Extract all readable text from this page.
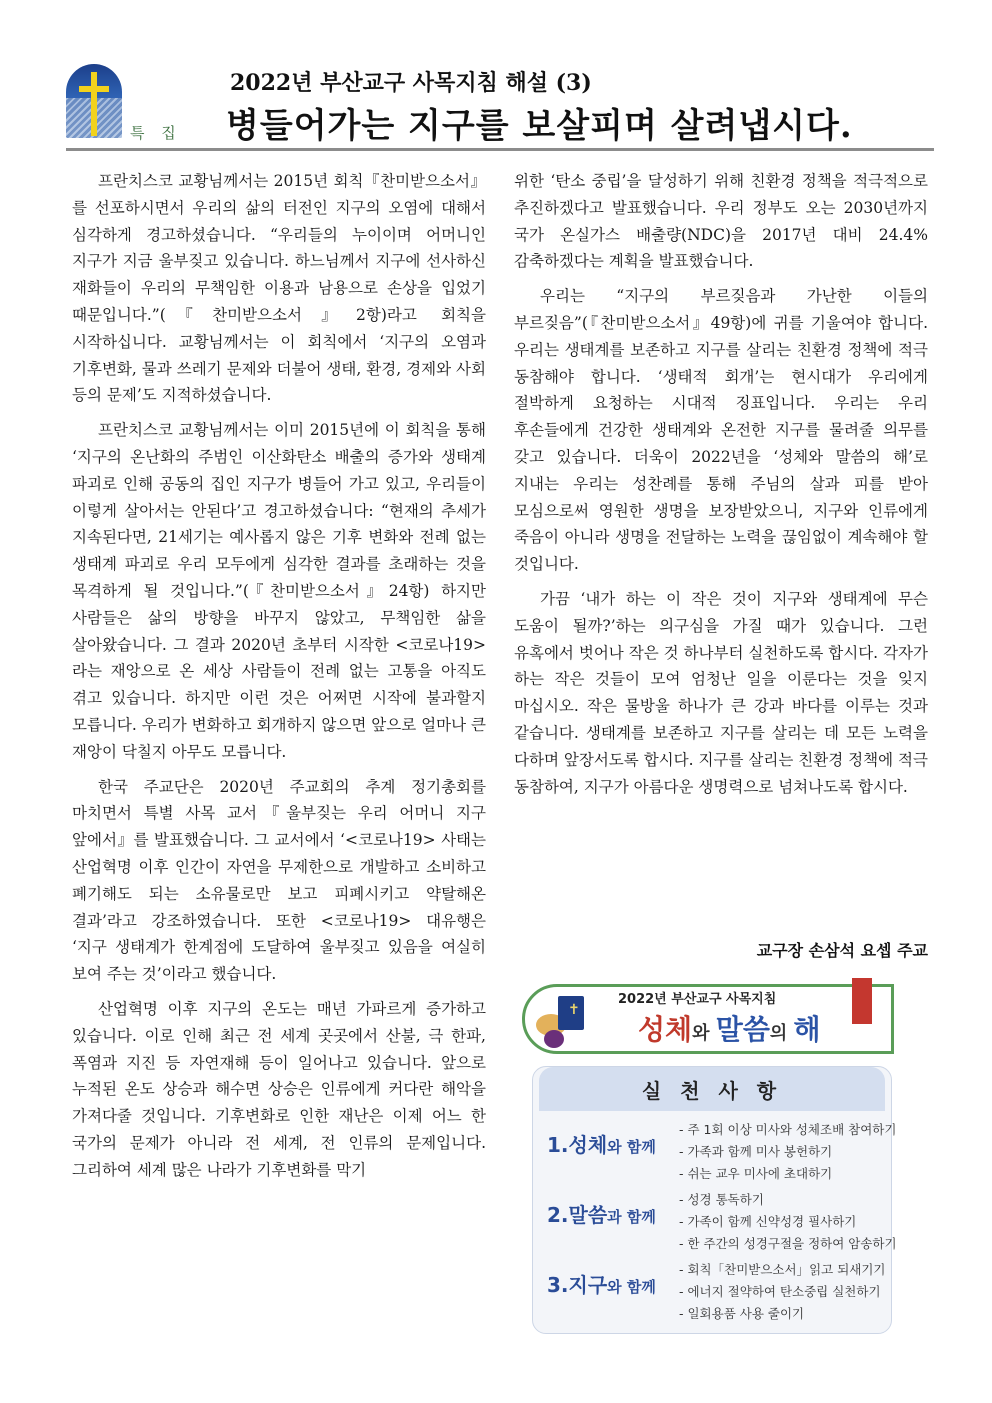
특 집
2022년 부산교구 사목지침 해설 (3)
병들어가는 지구를 보살피며 살려냅시다.

프란치스코 교황님께서는 2015년 회칙『찬미받으소서』를 선포하시면서 우리의 삶의 터전인 지구의 오염에 대해서 심각하게 경고하셨습니다. “우리들의 누이이며 어머니인 지구가 지금 울부짖고 있습니다. 하느님께서 지구에 선사하신 재화들이 우리의 무책임한 이용과 남용으로 손상을 입었기 때문입니다.”(『찬미받으소서』2항)라고 회칙을 시작하십니다. 교황님께서는 이 회칙에서 ‘지구의 오염과 기후변화, 물과 쓰레기 문제와 더불어 생태, 환경, 경제와 사회 등의 문제’도 지적하셨습니다.

프란치스코 교황님께서는 이미 2015년에 이 회칙을 통해 ‘지구의 온난화의 주범인 이산화탄소 배출의 증가와 생태계 파괴로 인해 공동의 집인 지구가 병들어 가고 있고, 우리들이 이렇게 살아서는 안된다’고 경고하셨습니다: “현재의 추세가 지속된다면, 21세기는 예사롭지 않은 기후 변화와 전례 없는 생태계 파괴로 우리 모두에게 심각한 결과를 초래하는 것을 목격하게 될 것입니다.”(『찬미받으소서』24항) 하지만 사람들은 삶의 방향을 바꾸지 않았고, 무책임한 삶을 살아왔습니다. 그 결과 2020년 초부터 시작한 <코로나19>라는 재앙으로 온 세상 사람들이 전례 없는 고통을 아직도 겪고 있습니다. 하지만 이런 것은 어쩌면 시작에 불과할지 모릅니다. 우리가 변화하고 회개하지 않으면 앞으로 얼마나 큰 재앙이 닥칠지 아무도 모릅니다.

한국 주교단은 2020년 주교회의 추계 정기총회를 마치면서 특별 사목 교서『울부짖는 우리 어머니 지구 앞에서』를 발표했습니다. 그 교서에서 ‘<코로나19> 사태는 산업혁명 이후 인간이 자연을 무제한으로 개발하고 소비하고 폐기해도 되는 소유물로만 보고 피폐시키고 약탈해온 결과’라고 강조하였습니다. 또한 <코로나19> 대유행은 ‘지구 생태계가 한계점에 도달하여 울부짖고 있음을 여실히 보여 주는 것’이라고 했습니다.

산업혁명 이후 지구의 온도는 매년 가파르게 증가하고 있습니다. 이로 인해 최근 전 세계 곳곳에서 산불, 극 한파, 폭염과 지진 등 자연재해 등이 일어나고 있습니다. 앞으로 누적된 온도 상승과 해수면 상승은 인류에게 커다란 해악을 가져다줄 것입니다. 기후변화로 인한 재난은 이제 어느 한 국가의 문제가 아니라 전 세계, 전 인류의 문제입니다. 그리하여 세계 많은 나라가 기후변화를 막기

위한 ‘탄소 중립’을 달성하기 위해 친환경 정책을 적극적으로 추진하겠다고 발표했습니다. 우리 정부도 오는 2030년까지 국가 온실가스 배출량(NDC)을 2017년 대비 24.4% 감축하겠다는 계획을 발표했습니다.

우리는 “지구의 부르짖음과 가난한 이들의 부르짖음”(『찬미받으소서』49항)에 귀를 기울여야 합니다. 우리는 생태계를 보존하고 지구를 살리는 친환경 정책에 적극 동참해야 합니다. ‘생태적 회개’는 현시대가 우리에게 절박하게 요청하는 시대적 징표입니다. 우리는 우리 후손들에게 건강한 생태계와 온전한 지구를 물려줄 의무를 갖고 있습니다. 더욱이 2022년을 ‘성체와 말씀의 해’로 지내는 우리는 성찬례를 통해 주님의 살과 피를 받아 모심으로써 영원한 생명을 보장받았으니, 지구와 인류에게 죽음이 아니라 생명을 전달하는 노력을 끊임없이 계속해야 할 것입니다.

가끔 ‘내가 하는 이 작은 것이 지구와 생태계에 무슨 도움이 될까?’하는 의구심을 가질 때가 있습니다. 그런 유혹에서 벗어나 작은 것 하나부터 실천하도록 합시다. 각자가 하는 작은 것들이 모여 엄청난 일을 이룬다는 것을 잊지 마십시오. 작은 물방울 하나가 큰 강과 바다를 이루는 것과 같습니다. 생태계를 보존하고 지구를 살리는 데 모든 노력을 다하며 앞장서도록 합시다. 지구를 살리는 친환경 정책에 적극 동참하여, 지구가 아름다운 생명력으로 넘쳐나도록 합시다.

교구장 손삼석 요셉 주교
✝
2022년 부산교구 사목지침
성체와 말씀의 해
실 천 사 항
1.성체와 함께
- 주 1회 이상 미사와 성체조배 참여하기
- 가족과 함께 미사 봉헌하기
- 쉬는 교우 미사에 초대하기
2.말씀과 함께
- 성경 통독하기
- 가족이 함께 신약성경 필사하기
- 한 주간의 성경구절을 정하여 암송하기
3.지구와 함께
- 회칙「찬미받으소서」읽고 되새기기
- 에너지 절약하여 탄소중립 실천하기
- 일회용품 사용 줄이기
